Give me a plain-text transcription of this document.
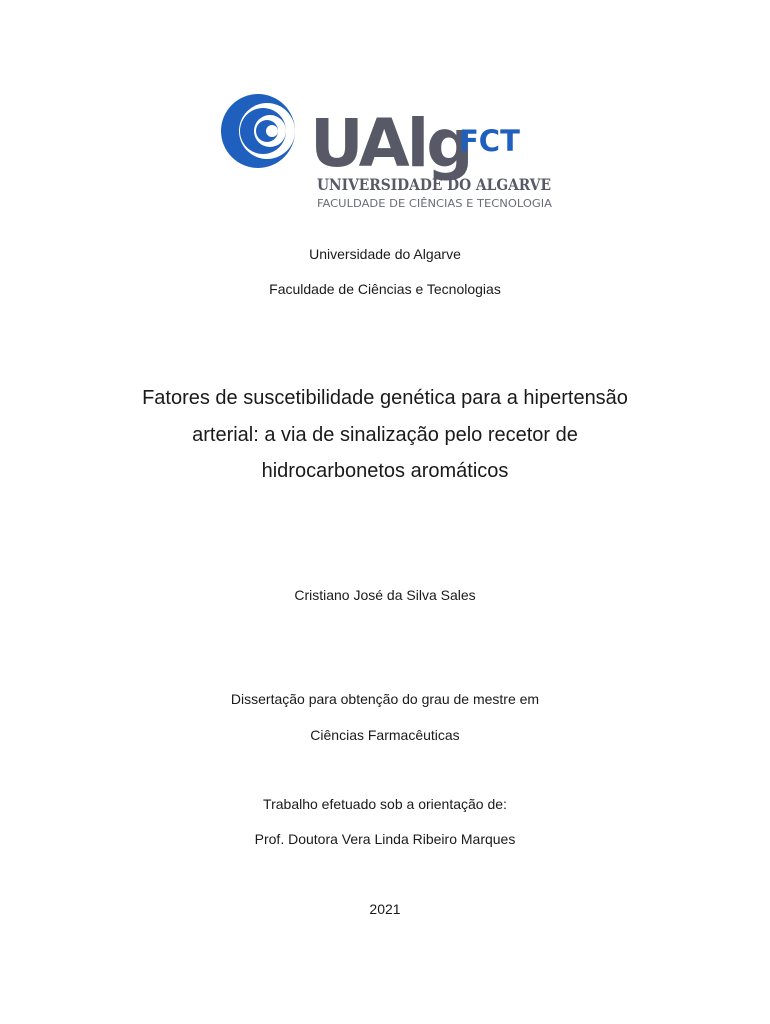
UAlg
FCT
UNIVERSIDADE DO ALGARVE
FACULDADE DE CIÊNCIAS E TECNOLOGIA
Universidade do Algarve
Faculdade de Ciências e Tecnologias
Fatores de suscetibilidade genética para a hipertensão
arterial: a via de sinalização pelo recetor de
hidrocarbonetos aromáticos
Cristiano José da Silva Sales
Dissertação para obtenção do grau de mestre em
Ciências Farmacêuticas
Trabalho efetuado sob a orientação de:
Prof. Doutora Vera Linda Ribeiro Marques
2021
